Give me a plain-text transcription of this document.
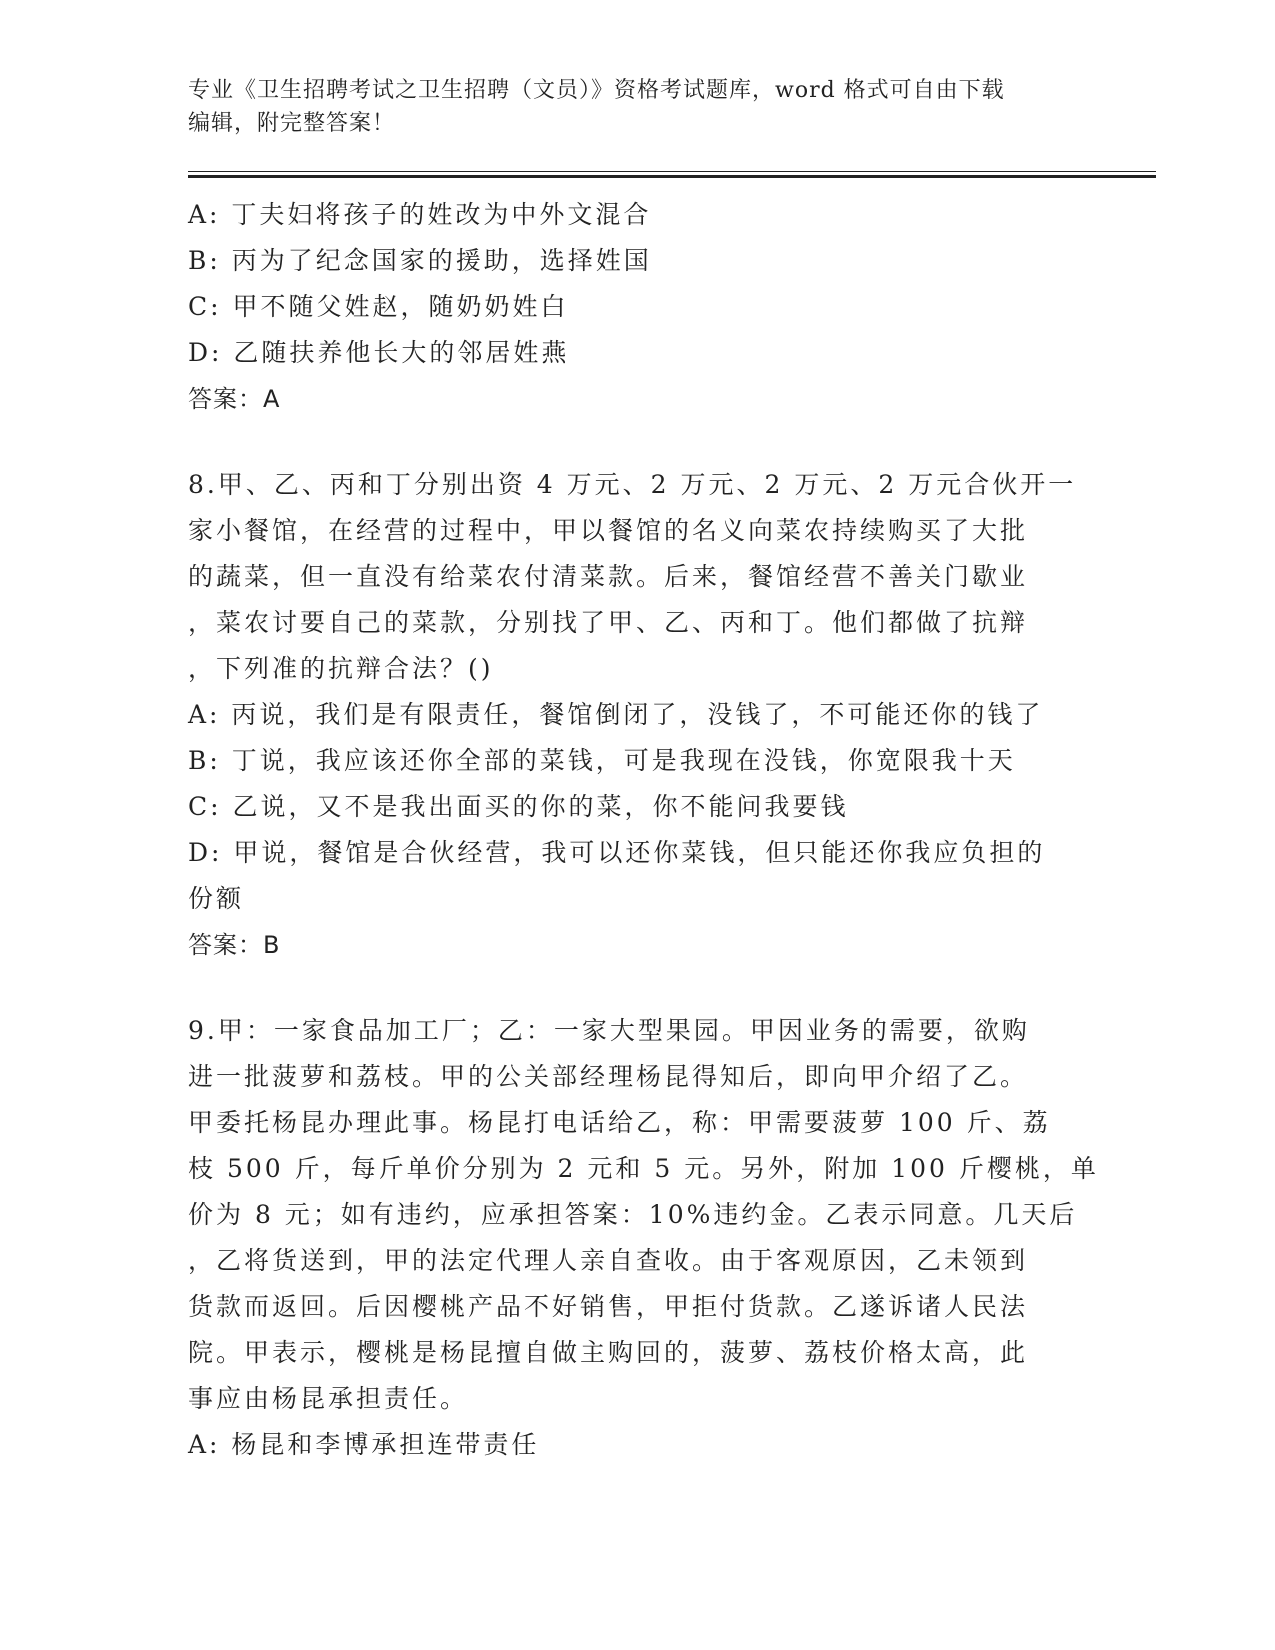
专业《卫生招聘考试之卫生招聘（文员）》资格考试题库，word 格式可自由下载
编辑，附完整答案！
A: 丁夫妇将孩子的姓改为中外文混合
B: 丙为了纪念国家的援助，选择姓国
C: 甲不随父姓赵，随奶奶姓白
D: 乙随扶养他长大的邻居姓燕
答案：A
8.甲、乙、丙和丁分别出资 4 万元、2 万元、2 万元、2 万元合伙开一
家小餐馆，在经营的过程中，甲以餐馆的名义向菜农持续购买了大批
的蔬菜，但一直没有给菜农付清菜款。后来，餐馆经营不善关门歇业
，菜农讨要自己的菜款，分别找了甲、乙、丙和丁。他们都做了抗辩
，下列准的抗辩合法？()
A: 丙说，我们是有限责任，餐馆倒闭了，没钱了，不可能还你的钱了
B: 丁说，我应该还你全部的菜钱，可是我现在没钱，你宽限我十天
C: 乙说，又不是我出面买的你的菜，你不能问我要钱
D: 甲说，餐馆是合伙经营，我可以还你菜钱，但只能还你我应负担的
份额
答案：B
9.甲：一家食品加工厂；乙：一家大型果园。甲因业务的需要，欲购
进一批菠萝和荔枝。甲的公关部经理杨昆得知后，即向甲介绍了乙。
甲委托杨昆办理此事。杨昆打电话给乙，称：甲需要菠萝 100 斤、荔
枝 500 斤，每斤单价分别为 2 元和 5 元。另外，附加 100 斤樱桃，单
价为 8 元；如有违约，应承担答案：10%违约金。乙表示同意。几天后
，乙将货送到，甲的法定代理人亲自查收。由于客观原因，乙未领到
货款而返回。后因樱桃产品不好销售，甲拒付货款。乙遂诉诸人民法
院。甲表示，樱桃是杨昆擅自做主购回的，菠萝、荔枝价格太高，此
事应由杨昆承担责任。
A: 杨昆和李博承担连带责任
